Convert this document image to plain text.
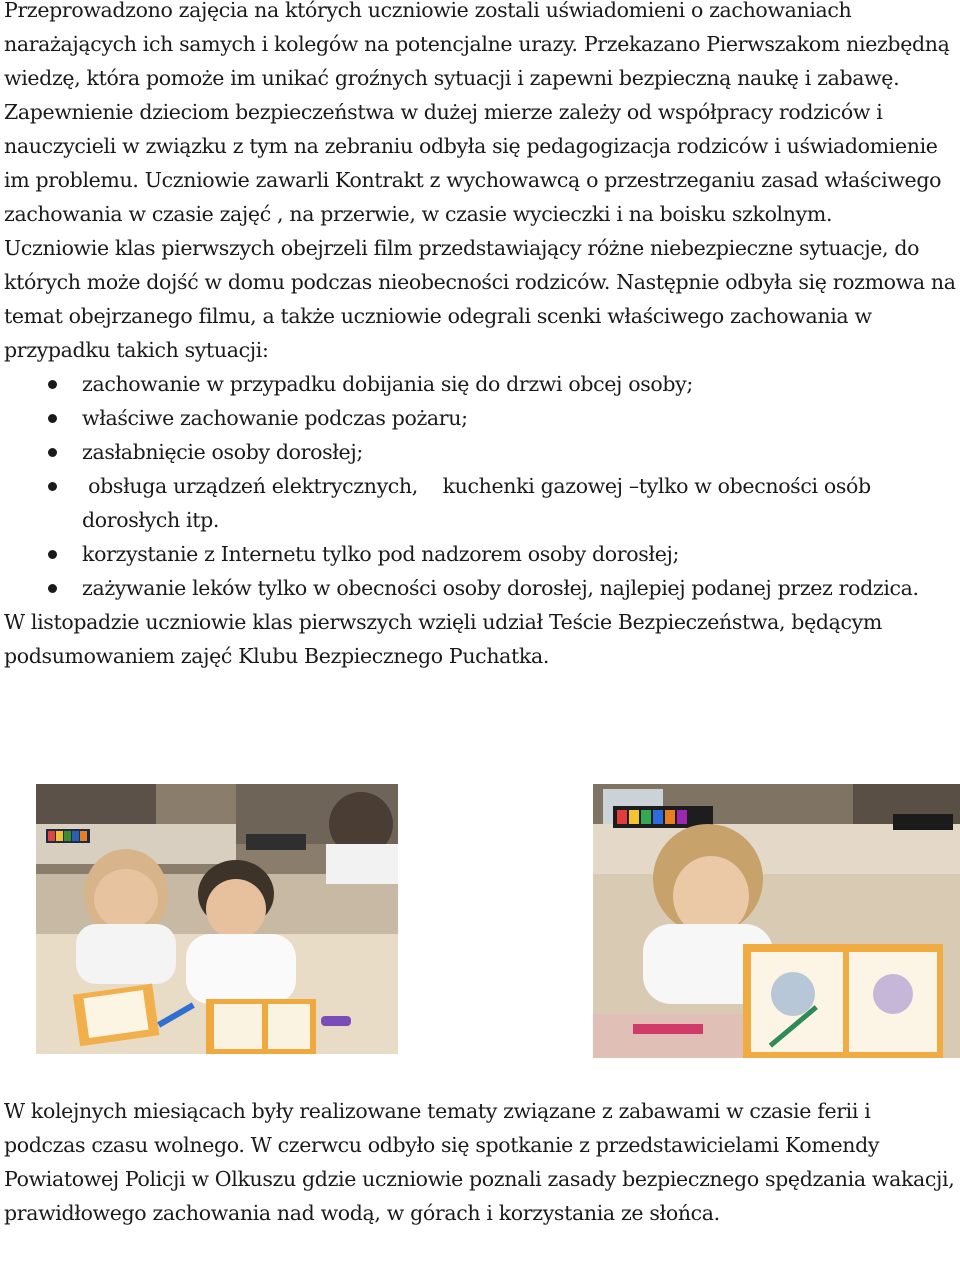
Przeprowadzono zajęcia na których uczniowie zostali uświadomieni o zachowaniach narażających ich samych i kolegów na potencjalne urazy. Przekazano Pierwszakom niezbędną wiedzę, która pomoże im unikać groźnych sytuacji i zapewni bezpieczną naukę i zabawę. Zapewnienie dzieciom bezpieczeństwa w dużej mierze zależy od współpracy rodziców i nauczycieli w związku z tym na zebraniu odbyła się pedagogizacja rodziców i uświadomienie im problemu. Uczniowie zawarli Kontrakt z wychowawcą o przestrzeganiu zasad właściwego zachowania w czasie zajęć , na przerwie, w czasie wycieczki i na boisku szkolnym.

Uczniowie klas pierwszych obejrzeli film przedstawiający różne niebezpieczne sytuacje, do których może dojść w domu podczas nieobecności rodziców. Następnie odbyła się rozmowa na temat obejrzanego filmu, a także uczniowie odegrali scenki właściwego zachowania w przypadku takich sytuacji:

zachowanie w przypadku dobijania się do drzwi obcej osoby;
właściwe zachowanie podczas pożaru;
zasłabnięcie osoby dorosłej;
obsługa urządzeń elektrycznych,    kuchenki gazowej –tylko w obecności osób dorosłych itp.
korzystanie z Internetu tylko pod nadzorem osoby dorosłej;
zażywanie leków tylko w obecności osoby dorosłej, najlepiej podanej przez rodzica.

W listopadzie uczniowie klas pierwszych wzięli udział Teście Bezpieczeństwa, będącym podsumowaniem zajęć Klubu Bezpiecznego Puchatka.

W kolejnych miesiącach były realizowane tematy związane z zabawami w czasie ferii i podczas czasu wolnego. W czerwcu odbyło się spotkanie z przedstawicielami Komendy Powiatowej Policji w Olkuszu gdzie uczniowie poznali zasady bezpiecznego spędzania wakacji, prawidłowego zachowania nad wodą, w górach i korzystania ze słońca.
